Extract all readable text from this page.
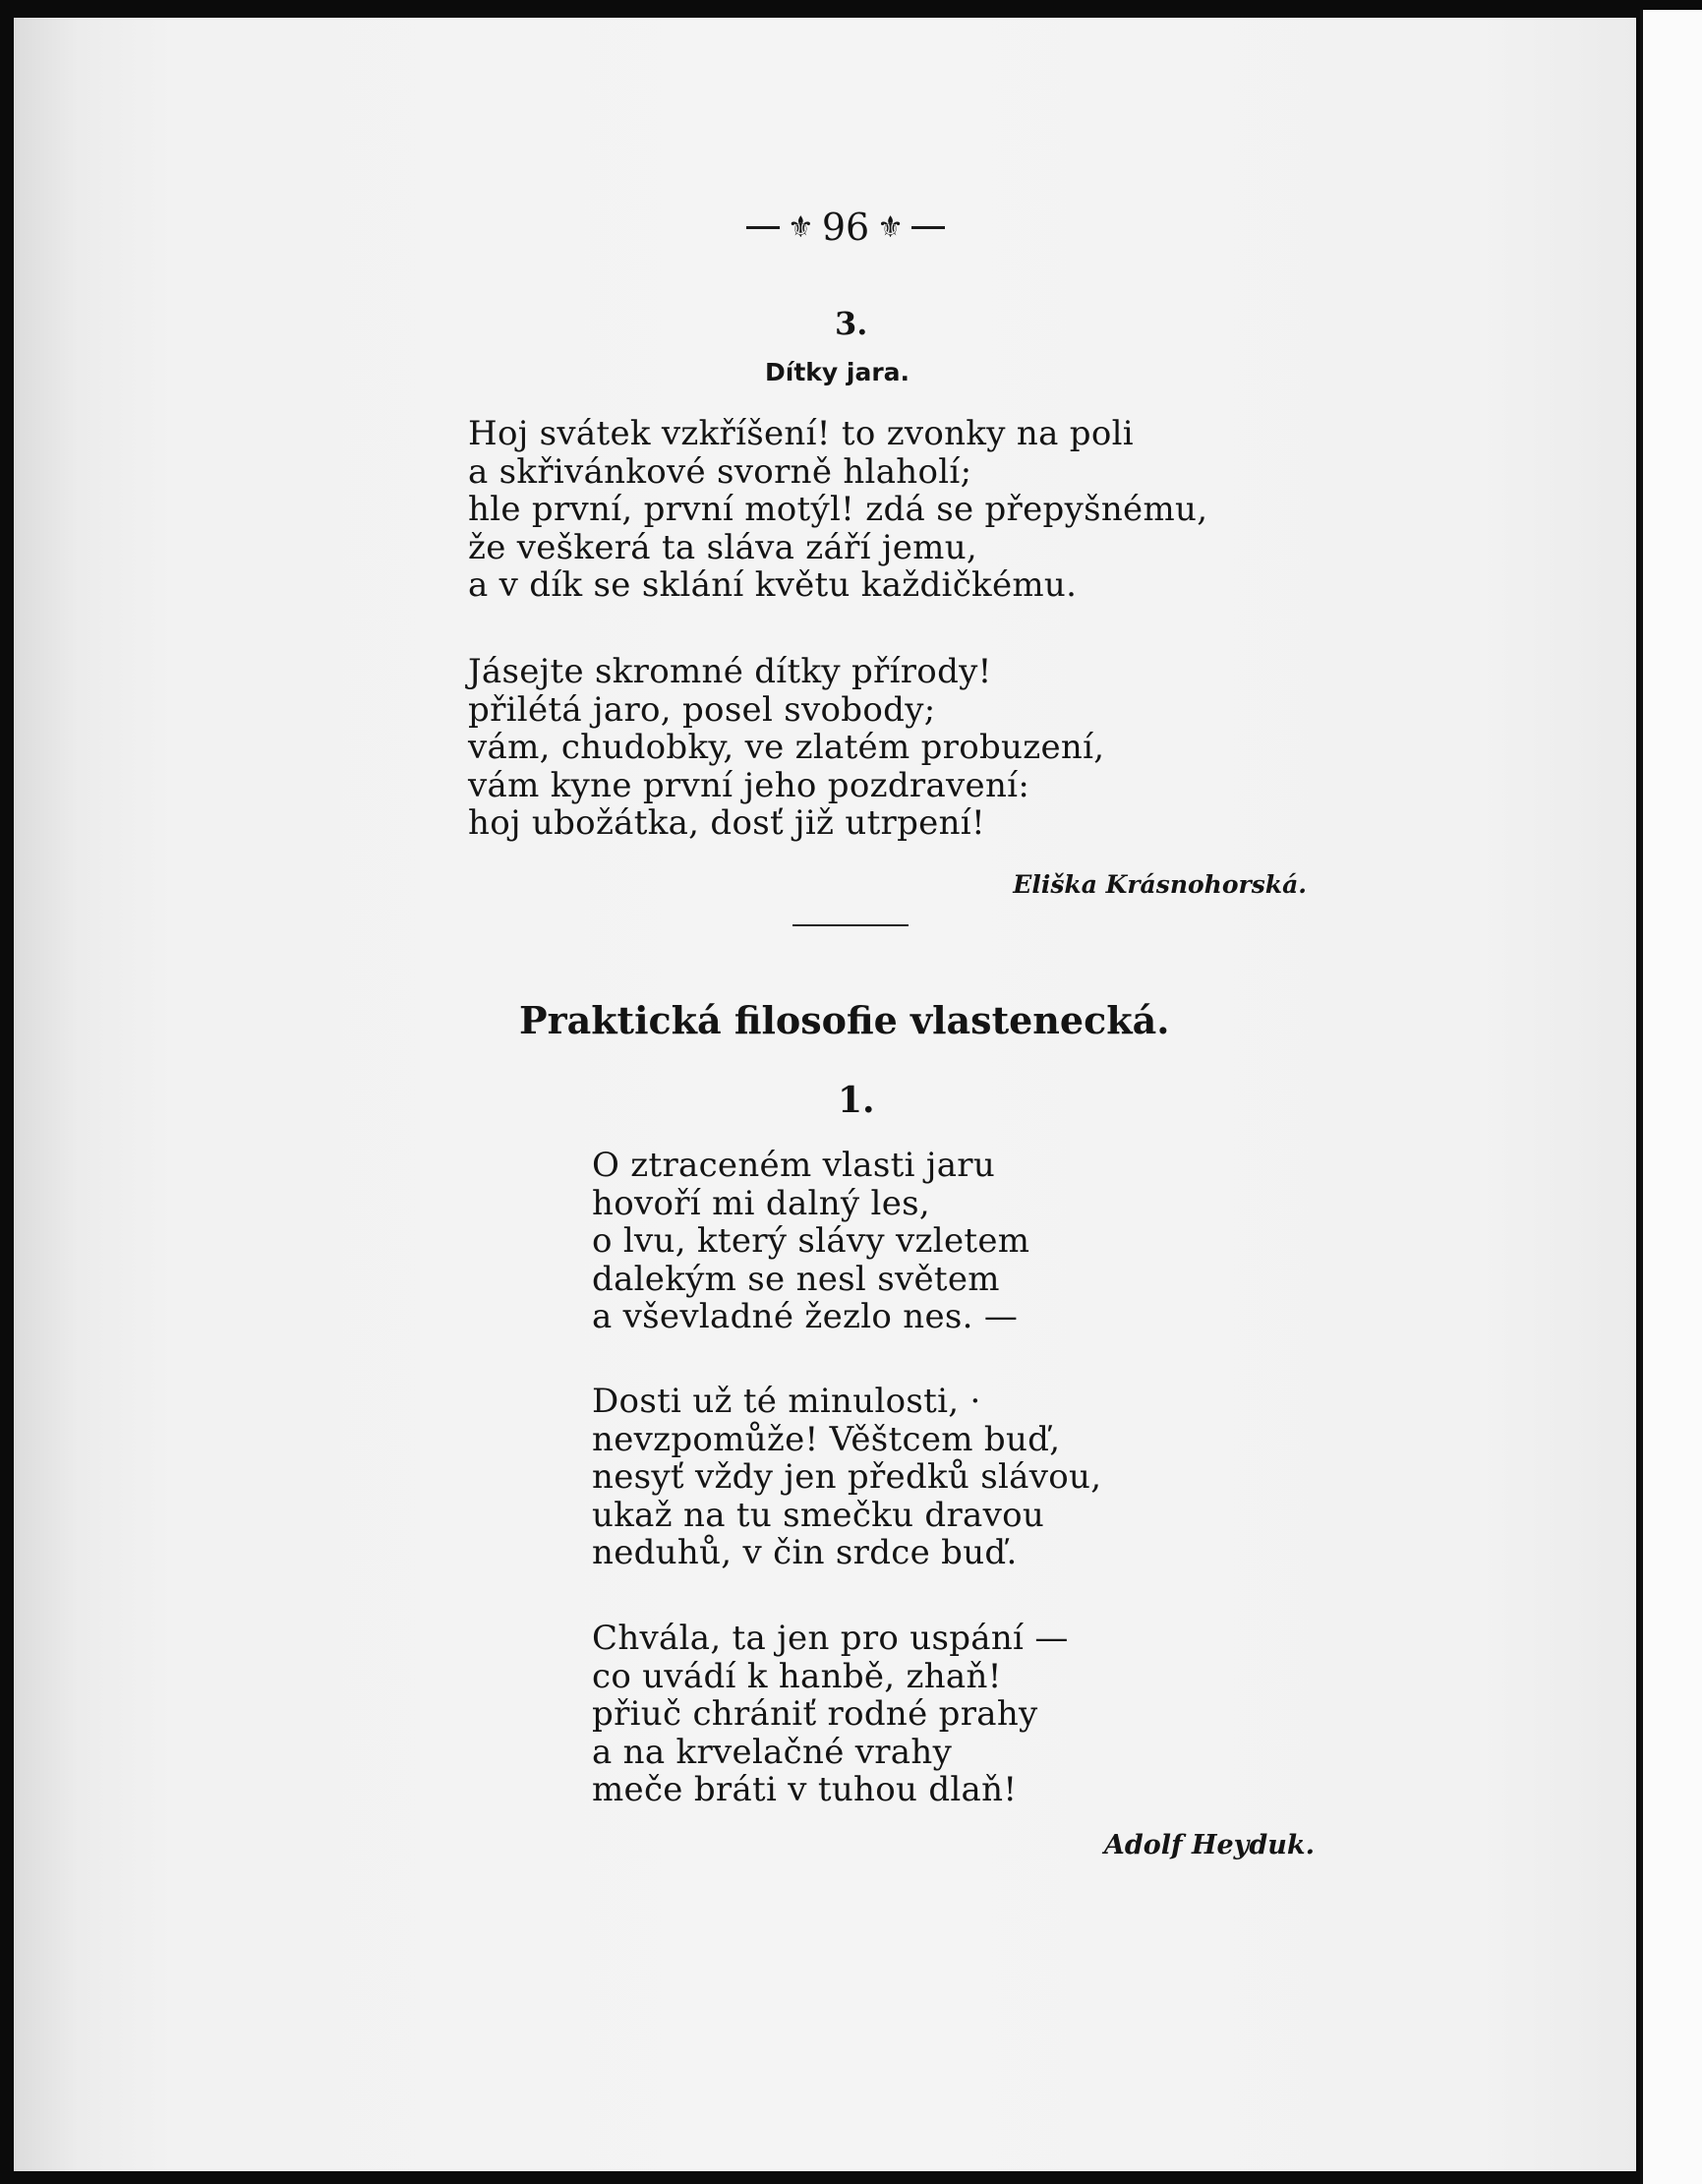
⚜ 96 ⚜
3.
Dítky jara.
Hoj svátek vzkříšení! to zvonky na poli
a skřivánkové svorně hlaholí;
hle první, první motýl! zdá se přepyšnému,
že veškerá ta sláva září jemu,
a v dík se sklání květu každičkému.
Jásejte skromné dítky přírody!
přilétá jaro, posel svobody;
vám, chudobky, ve zlatém probuzení,
vám kyne první jeho pozdravení:
hoj ubožátka, dosť již utrpení!
Eliška Krásnohorská.
Praktická filosofie vlastenecká.
1.
O ztraceném vlasti jaru
hovoří mi dalný les,
o lvu, který slávy vzletem
dalekým se nesl světem
a vševladné žezlo nes. —
Dosti už té minulosti, ·
nevzpomůže! Věštcem buď,
nesyť vždy jen předků slávou,
ukaž na tu smečku dravou
neduhů, v čin srdce buď.
Chvála, ta jen pro uspání —
co uvádí k hanbě, zhaň!
přiuč chrániť rodné prahy
a na krvelačné vrahy
meče bráti v tuhou dlaň!
Adolf Heyduk.
